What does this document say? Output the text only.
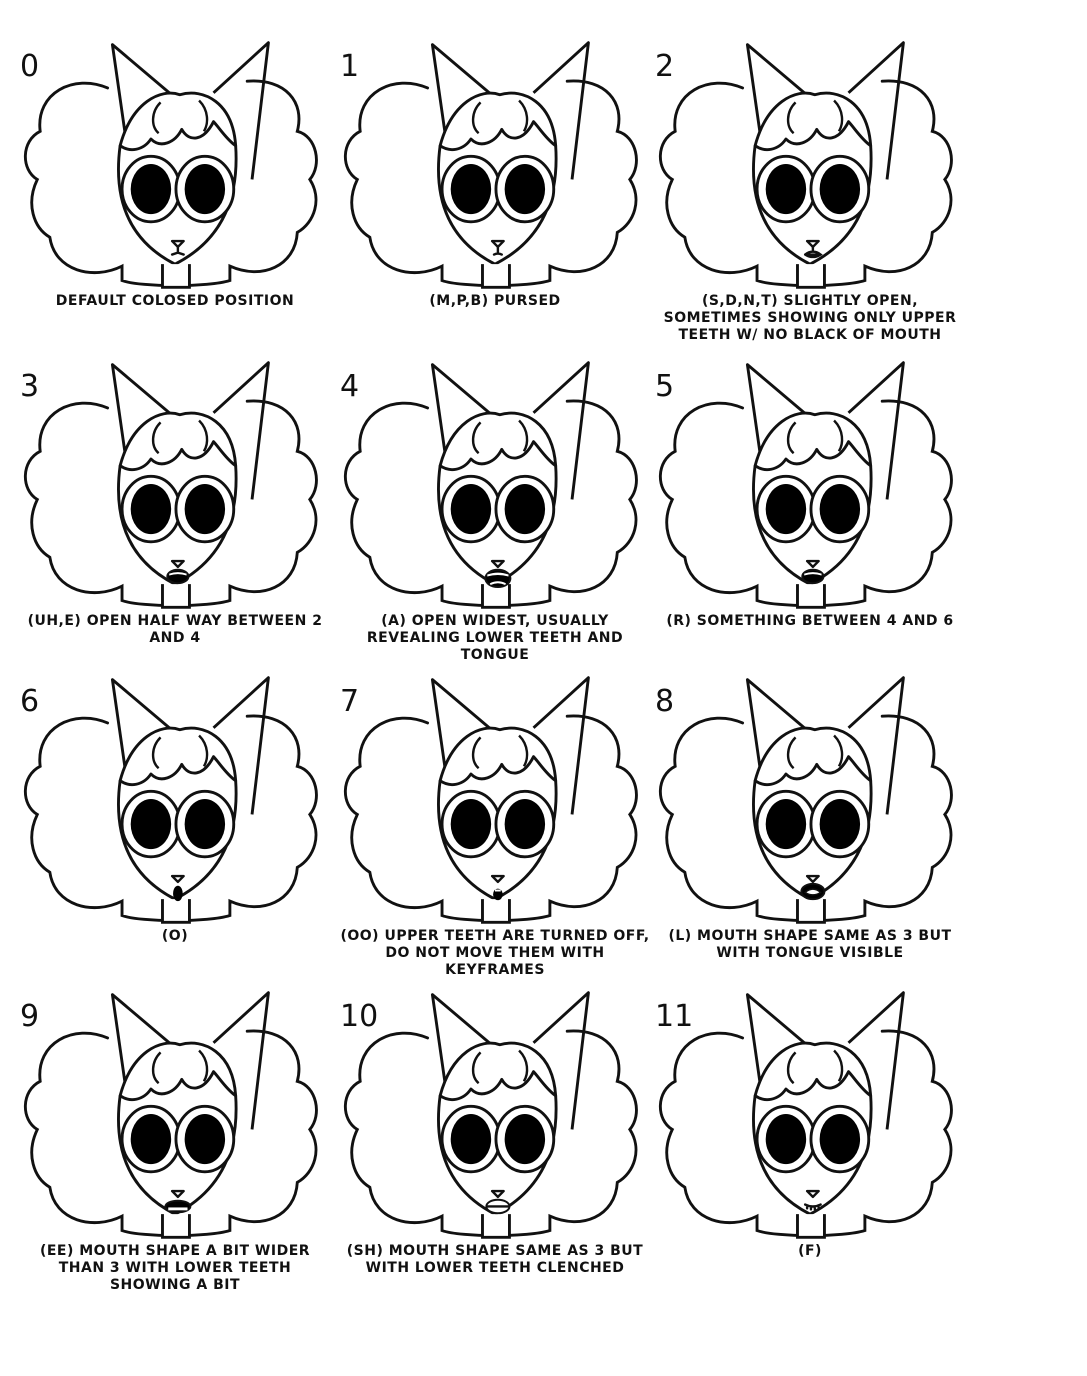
0
DEFAULT COLOSED POSITION
1
(M,P,B) PURSED
2
(S,D,N,T) SLIGHTLY OPEN, SOMETIMES SHOWING ONLY UPPER TEETH W/ NO BLACK OF MOUTH
3
(UH,E) OPEN HALF WAY BETWEEN 2 AND 4
4
(A) OPEN WIDEST, USUALLY REVEALING LOWER TEETH AND TONGUE
5
(R) SOMETHING BETWEEN 4 AND 6
6
(O)
7
(OO) UPPER TEETH ARE TURNED OFF, DO NOT MOVE THEM WITH KEYFRAMES
8
(L) MOUTH SHAPE SAME AS 3 BUT WITH TONGUE VISIBLE
9
(EE) MOUTH SHAPE A BIT WIDER THAN 3 WITH LOWER TEETH SHOWING A BIT
10
(SH) MOUTH SHAPE SAME AS 3 BUT WITH LOWER TEETH CLENCHED
11
(F)
